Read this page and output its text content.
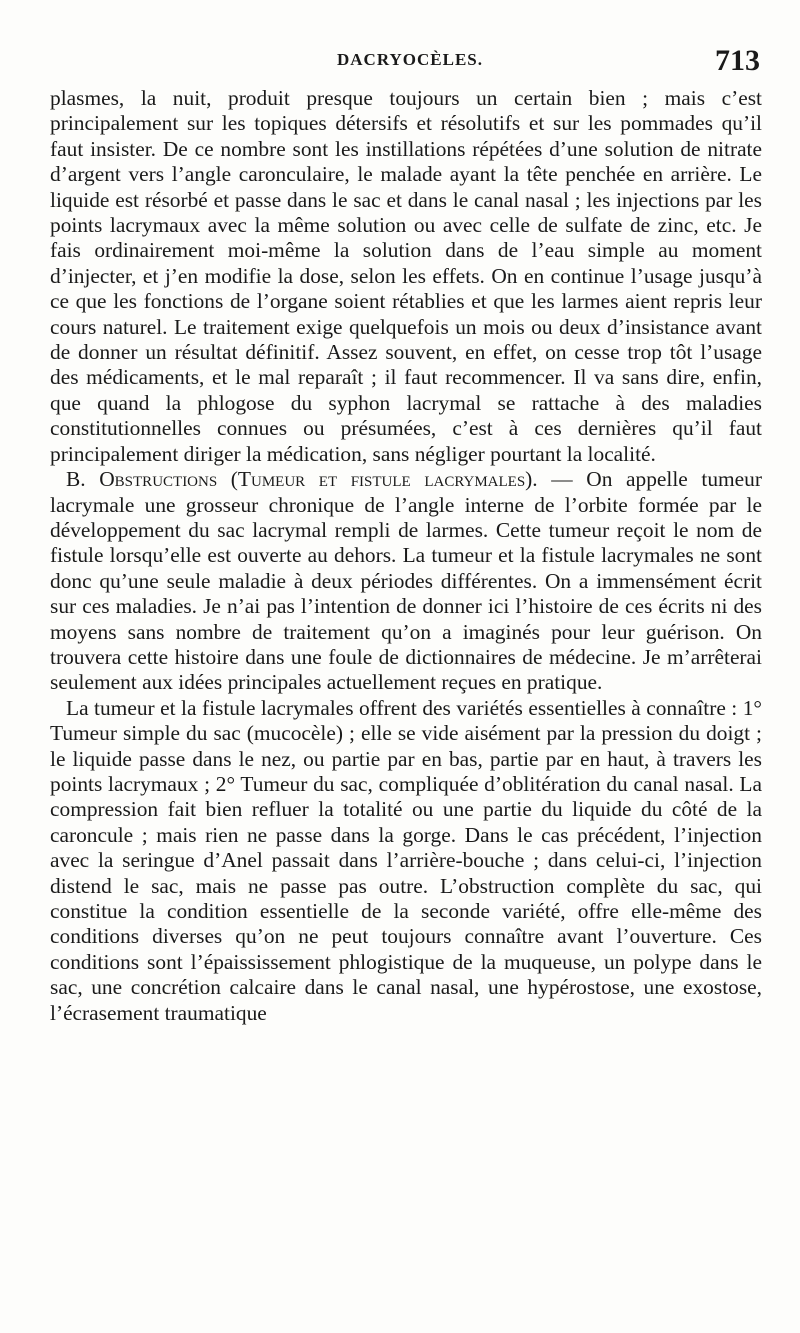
DACRYOCÈLES.	713

plasmes, la nuit, produit presque toujours un certain bien ; mais c’est principalement sur les topiques détersifs et résolutifs et sur les pommades qu’il faut insister. De ce nombre sont les instillations répétées d’une solution de nitrate d’argent vers l’angle caronculaire, le malade ayant la tête penchée en arrière. Le liquide est résorbé et passe dans le sac et dans le canal nasal ; les injections par les points lacrymaux avec la même solution ou avec celle de sulfate de zinc, etc. Je fais ordinairement moi-même la solution dans de l’eau simple au moment d’injecter, et j’en modifie la dose, selon les effets. On en continue l’usage jusqu’à ce que les fonctions de l’organe soient rétablies et que les larmes aient repris leur cours naturel. Le traitement exige quelquefois un mois ou deux d’insistance avant de donner un résultat définitif. Assez souvent, en effet, on cesse trop tôt l’usage des médicaments, et le mal reparaît ; il faut recommencer. Il va sans dire, enfin, que quand la phlogose du syphon lacrymal se rattache à des maladies constitutionnelles connues ou présumées, c’est à ces dernières qu’il faut principalement diriger la médication, sans négliger pourtant la localité.

B. Obstructions (Tumeur et fistule lacrymales). — On appelle tumeur lacrymale une grosseur chronique de l’angle interne de l’orbite formée par le développement du sac lacrymal rempli de larmes. Cette tumeur reçoit le nom de fistule lorsqu’elle est ouverte au dehors. La tumeur et la fistule lacrymales ne sont donc qu’une seule maladie à deux périodes différentes. On a immensément écrit sur ces maladies. Je n’ai pas l’intention de donner ici l’histoire de ces écrits ni des moyens sans nombre de traitement qu’on a imaginés pour leur guérison. On trouvera cette histoire dans une foule de dictionnaires de médecine. Je m’arrêterai seulement aux idées principales actuellement reçues en pratique.

La tumeur et la fistule lacrymales offrent des variétés essentielles à connaître : 1° Tumeur simple du sac (mucocèle) ; elle se vide aisément par la pression du doigt ; le liquide passe dans le nez, ou partie par en bas, partie par en haut, à travers les points lacrymaux ; 2° Tumeur du sac, compliquée d’oblitération du canal nasal. La compression fait bien refluer la totalité ou une partie du liquide du côté de la caroncule ; mais rien ne passe dans la gorge. Dans le cas précédent, l’injection avec la seringue d’Anel passait dans l’arrière-bouche ; dans celui-ci, l’injection distend le sac, mais ne passe pas outre. L’obstruction complète du sac, qui constitue la condition essentielle de la seconde variété, offre elle-même des conditions diverses qu’on ne peut toujours connaître avant l’ouverture. Ces conditions sont l’épaississement phlogistique de la muqueuse, un polype dans le sac, une concrétion calcaire dans le canal nasal, une hypérostose, une exostose, l’écrasement traumatique
